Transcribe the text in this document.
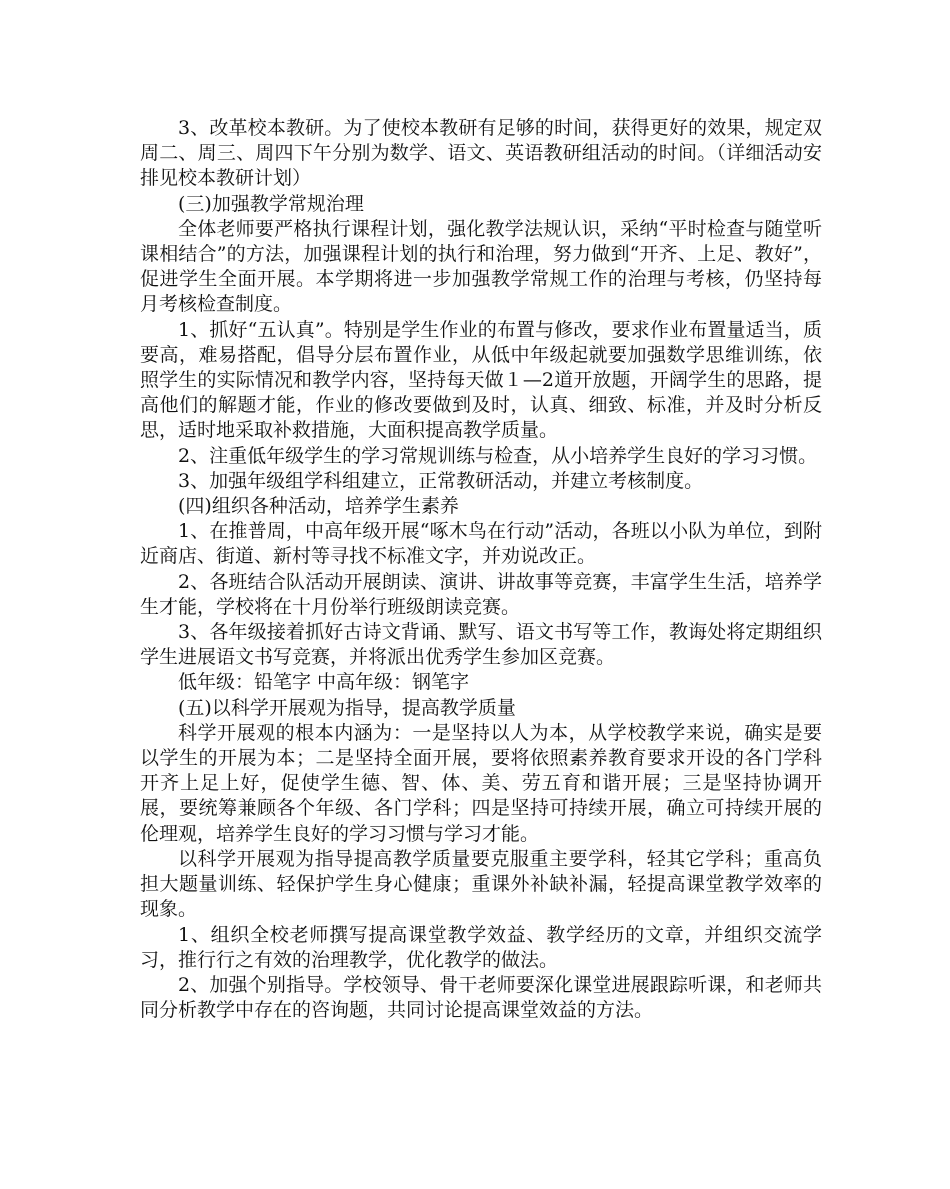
3、改革校本教研。为了使校本教研有足够的时间，获得更好的效果，规定双周二、周三、周四下午分别为数学、语文、英语教研组活动的时间。（详细活动安排见校本教研计划）

(三)加强教学常规治理

全体老师要严格执行课程计划，强化教学法规认识，采纳“平时检查与随堂听课相结合”的方法，加强课程计划的执行和治理，努力做到“开齐、上足、教好”，促进学生全面开展。本学期将进一步加强教学常规工作的治理与考核，仍坚持每月考核检查制度。

1、抓好“五认真”。特别是学生作业的布置与修改，要求作业布置量适当，质要高，难易搭配，倡导分层布置作业，从低中年级起就要加强数学思维训练，依照学生的实际情况和教学内容，坚持每天做１—2道开放题，开阔学生的思路，提高他们的解题才能，作业的修改要做到及时，认真、细致、标准，并及时分析反思，适时地采取补救措施，大面积提高教学质量。

2、注重低年级学生的学习常规训练与检查，从小培养学生良好的学习习惯。

3、加强年级组学科组建立，正常教研活动，并建立考核制度。

(四)组织各种活动，培养学生素养

1、在推普周，中高年级开展“啄木鸟在行动”活动，各班以小队为单位，到附近商店、街道、新村等寻找不标准文字，并劝说改正。

2、各班结合队活动开展朗读、演讲、讲故事等竞赛，丰富学生生活，培养学生才能，学校将在十月份举行班级朗读竞赛。

3、各年级接着抓好古诗文背诵、默写、语文书写等工作，教诲处将定期组织学生进展语文书写竞赛，并将派出优秀学生参加区竞赛。

低年级：铅笔字 中高年级：钢笔字

(五)以科学开展观为指导，提高教学质量

科学开展观的根本内涵为：一是坚持以人为本，从学校教学来说，确实是要以学生的开展为本；二是坚持全面开展，要将依照素养教育要求开设的各门学科开齐上足上好，促使学生德、智、体、美、劳五育和谐开展；三是坚持协调开展，要统筹兼顾各个年级、各门学科；四是坚持可持续开展，确立可持续开展的伦理观，培养学生良好的学习习惯与学习才能。

以科学开展观为指导提高教学质量要克服重主要学科，轻其它学科；重高负担大题量训练、轻保护学生身心健康；重课外补缺补漏，轻提高课堂教学效率的现象。

1、组织全校老师撰写提高课堂教学效益、教学经历的文章，并组织交流学习，推行行之有效的治理教学，优化教学的做法。

2、加强个别指导。学校领导、骨干老师要深化课堂进展跟踪听课，和老师共同分析教学中存在的咨询题，共同讨论提高课堂效益的方法。
